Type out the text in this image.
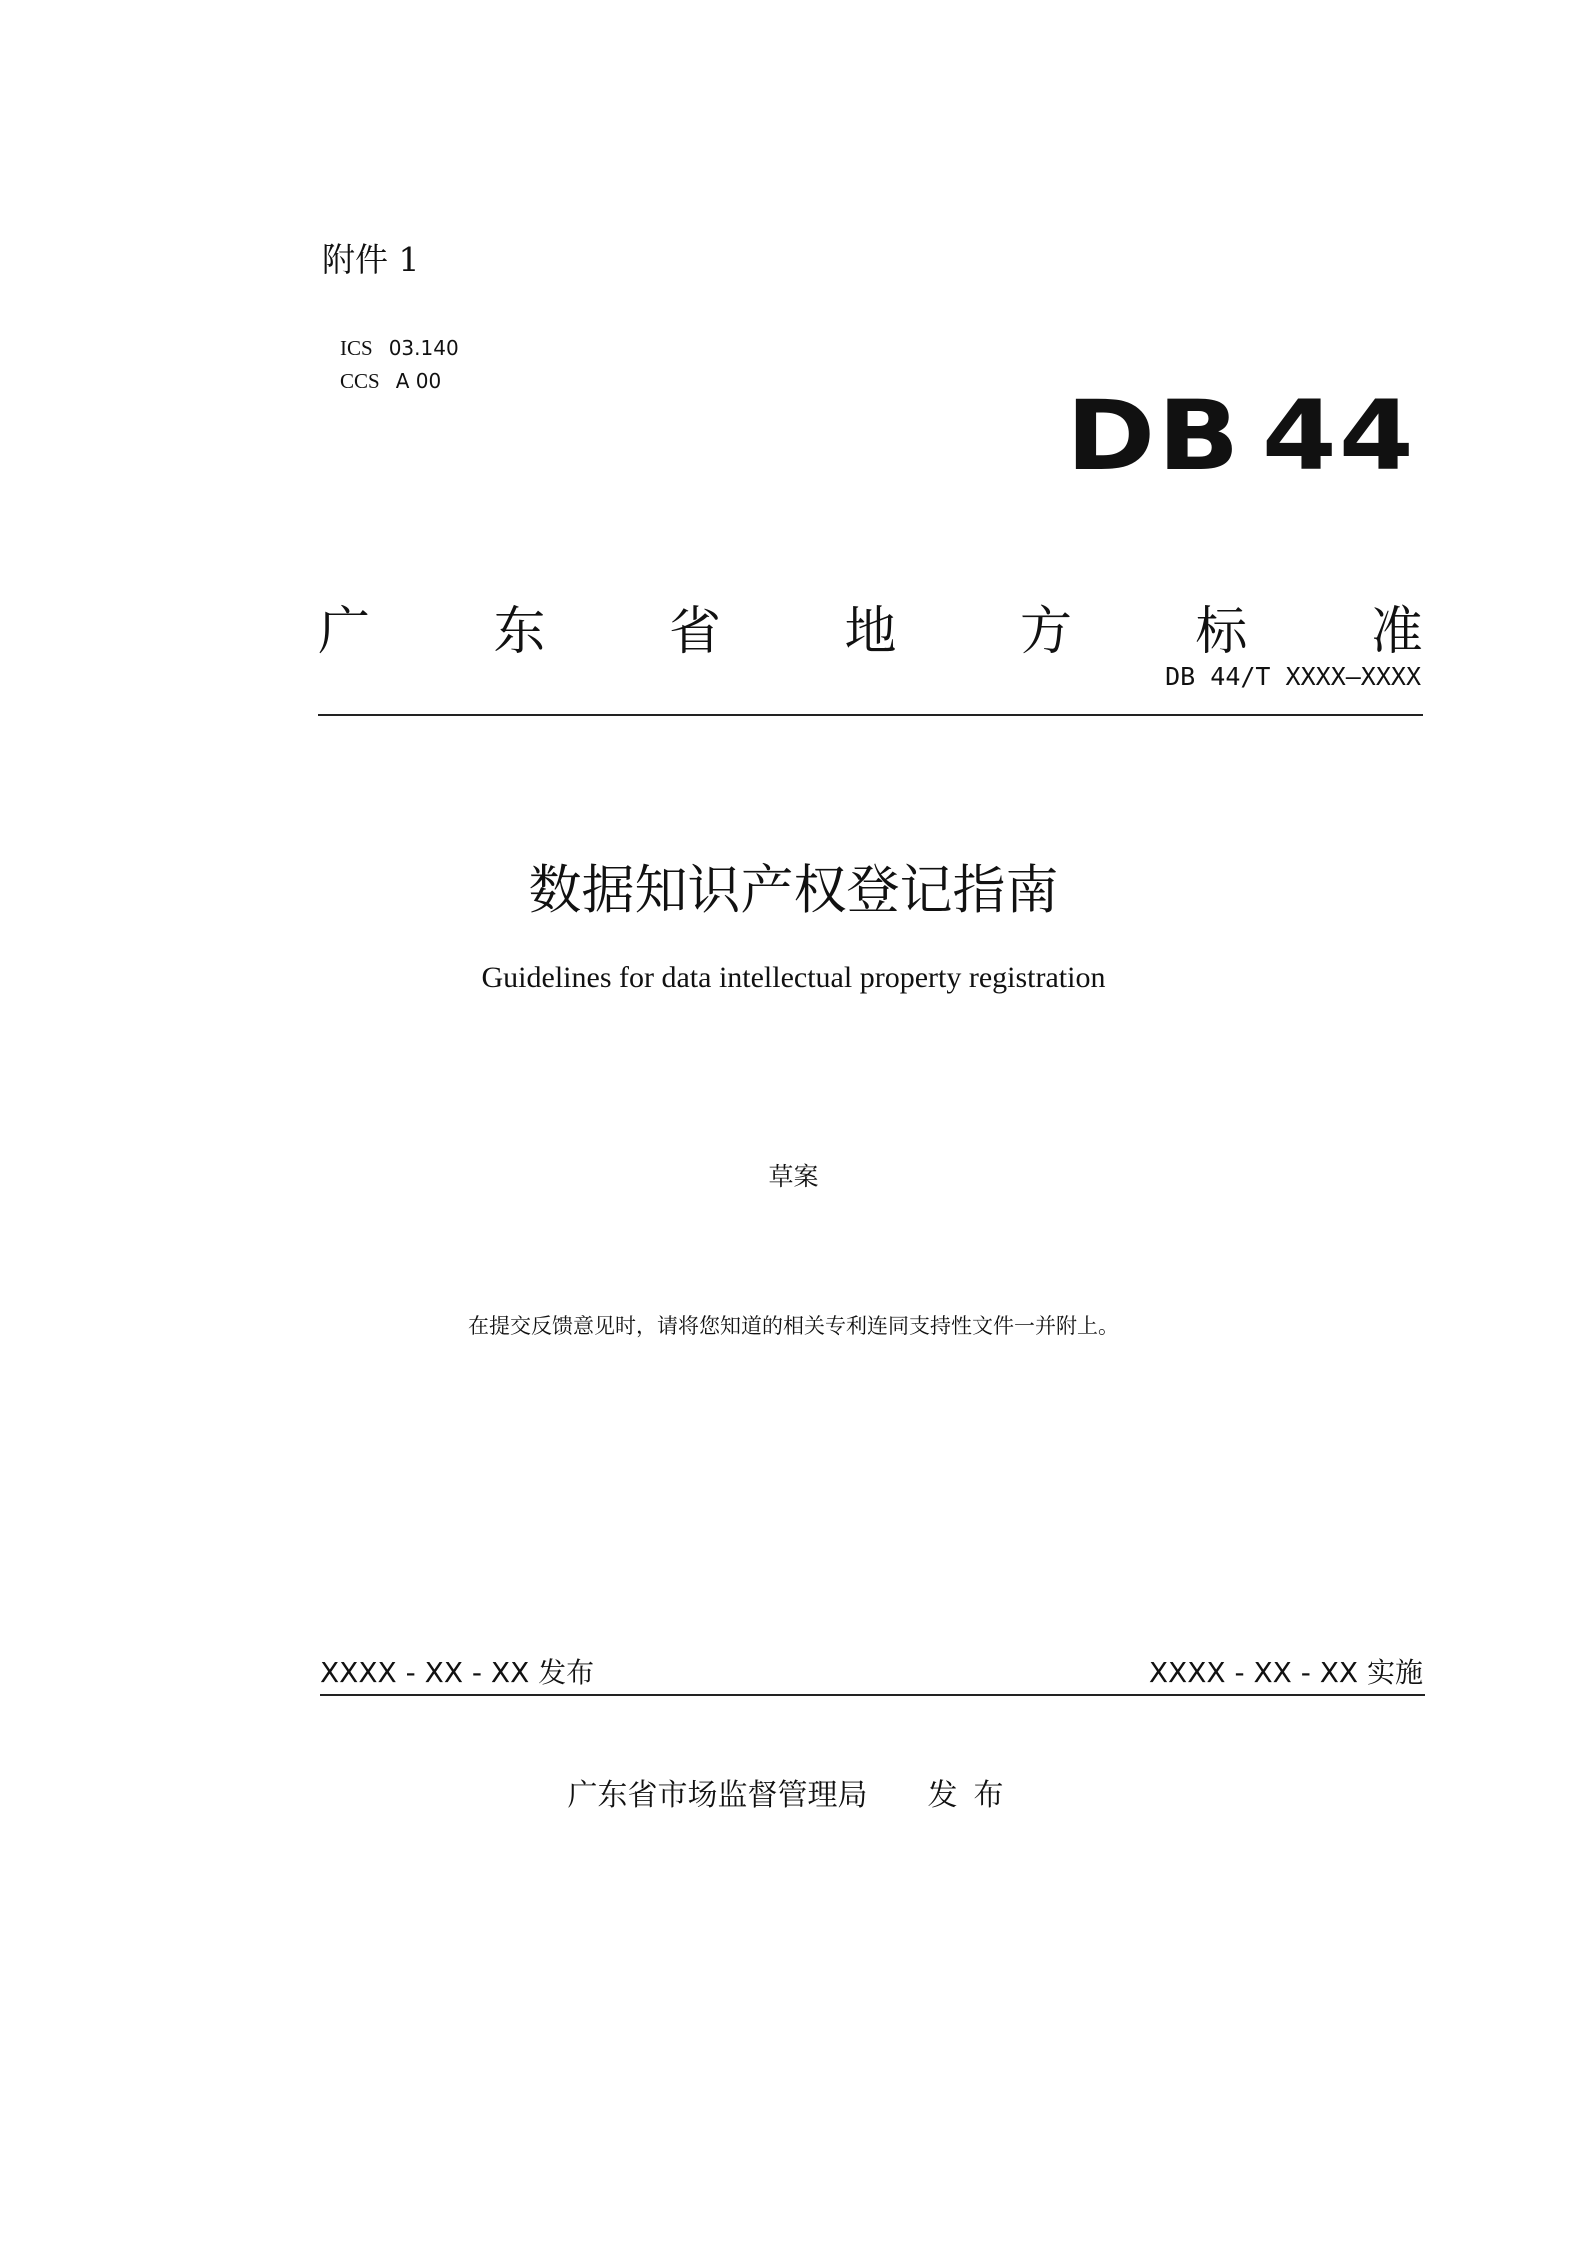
附件 1
ICS 03.140
CCS A 00	DB 44
广 东 省 地 方 标 准
DB 44/T XXXX—XXXX
数据知识产权登记指南
Guidelines for data intellectual property registration
草案
在提交反馈意见时，请将您知道的相关专利连同支持性文件一并附上。
XXXX - XX - XX 发布	XXXX - XX - XX 实施
广东省市场监督管理局 发布
